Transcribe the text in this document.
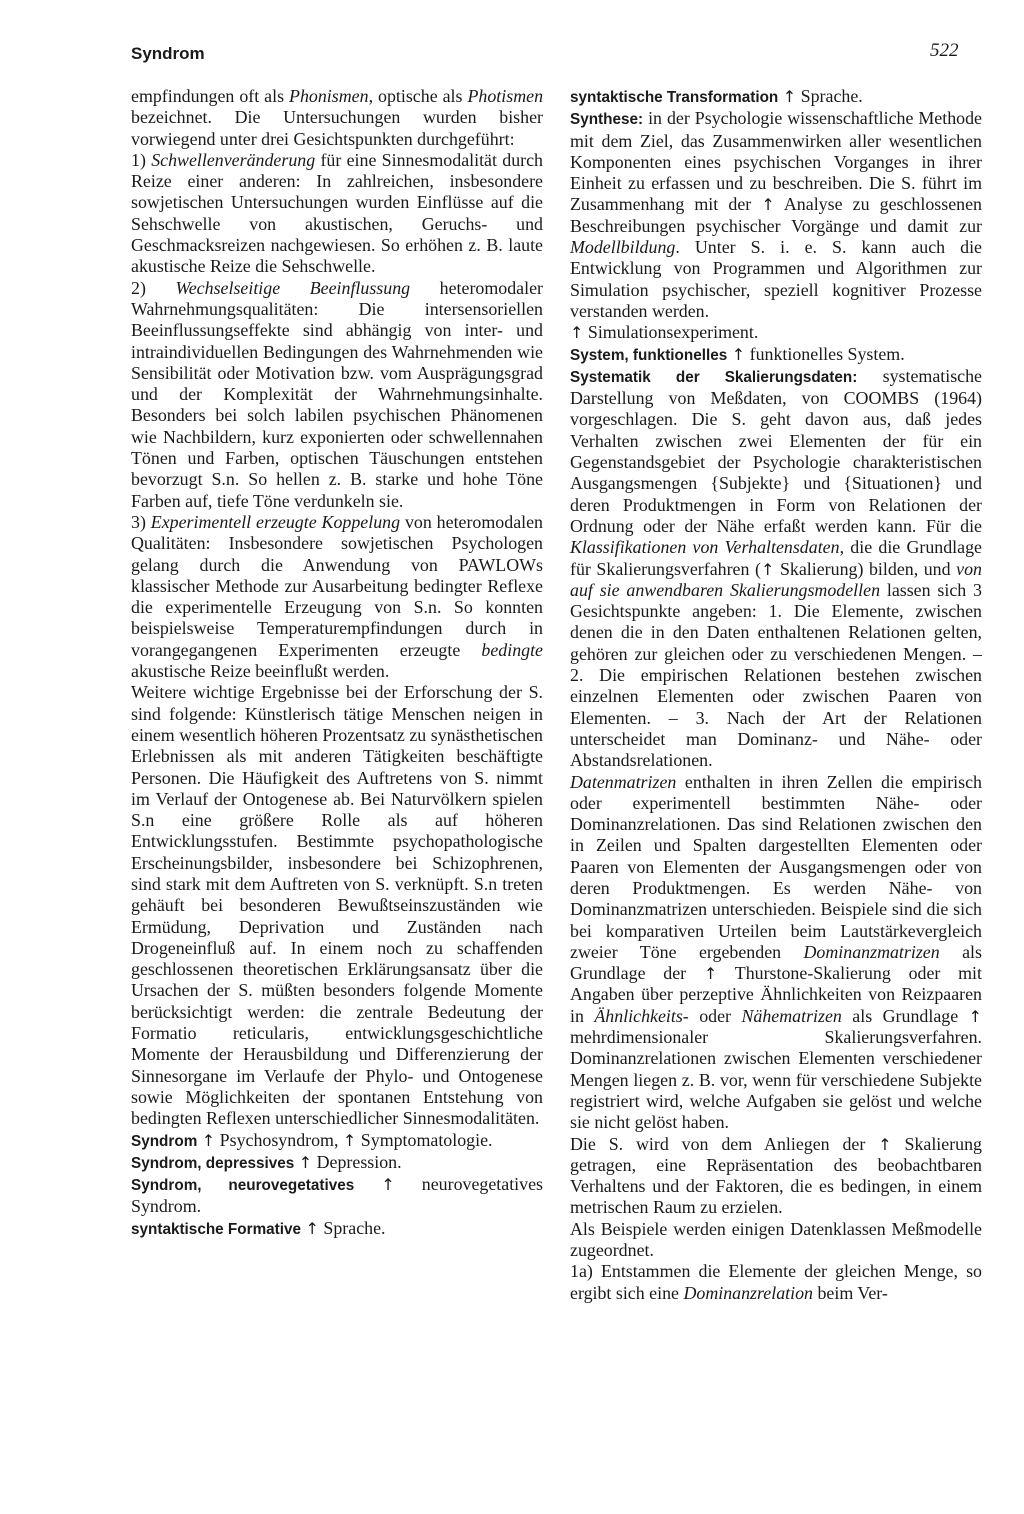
Syndrom	522

empfindungen oft als Phonismen, optische als Photismen bezeichnet. Die Untersuchungen wurden bisher vorwiegend unter drei Gesichtspunkten durchgeführt:

1) Schwellenveränderung für eine Sinnesmodalität durch Reize einer anderen: In zahlreichen, insbesondere sowjetischen Untersuchungen wurden Einflüsse auf die Sehschwelle von akustischen, Geruchs- und Geschmacksreizen nachgewiesen. So erhöhen z. B. laute akustische Reize die Sehschwelle.

2) Wechselseitige Beeinflussung heteromodaler Wahrnehmungsqualitäten: Die intersensoriellen Beeinflussungseffekte sind abhängig von inter- und intraindividuellen Bedingungen des Wahrnehmenden wie Sensibilität oder Motivation bzw. vom Ausprägungsgrad und der Komplexität der Wahrnehmungsinhalte. Besonders bei solch labilen psychischen Phänomenen wie Nachbildern, kurz exponierten oder schwellennahen Tönen und Farben, optischen Täuschungen entstehen bevorzugt S.n. So hellen z. B. starke und hohe Töne Farben auf, tiefe Töne verdunkeln sie.

3) Experimentell erzeugte Koppelung von heteromodalen Qualitäten: Insbesondere sowjetischen Psychologen gelang durch die Anwendung von PAWLOWs klassischer Methode zur Ausarbeitung bedingter Reflexe die experimentelle Erzeugung von S.n. So konnten beispielsweise Temperaturempfindungen durch in vorangegangenen Experimenten erzeugte bedingte akustische Reize beeinflußt werden.

Weitere wichtige Ergebnisse bei der Erforschung der S. sind folgende: Künstlerisch tätige Menschen neigen in einem wesentlich höheren Prozentsatz zu synästhetischen Erlebnissen als mit anderen Tätigkeiten beschäftigte Personen. Die Häufigkeit des Auftretens von S. nimmt im Verlauf der Ontogenese ab. Bei Naturvölkern spielen S.n eine größere Rolle als auf höheren Entwicklungsstufen. Bestimmte psychopathologische Erscheinungsbilder, insbesondere bei Schizophrenen, sind stark mit dem Auftreten von S. verknüpft. S.n treten gehäuft bei besonderen Bewußtseinszuständen wie Ermüdung, Deprivation und Zuständen nach Drogeneinfluß auf. In einem noch zu schaffenden geschlossenen theoretischen Erklärungsansatz über die Ursachen der S. müßten besonders folgende Momente berücksichtigt werden: die zentrale Bedeutung der Formatio reticularis, entwicklungsgeschichtliche Momente der Herausbildung und Differenzierung der Sinnesorgane im Verlaufe der Phylo- und Ontogenese sowie Möglichkeiten der spontanen Entstehung von bedingten Reflexen unterschiedlicher Sinnesmodalitäten.

Syndrom ↑ Psychosyndrom, ↑ Symptomatologie.

Syndrom, depressives ↑ Depression.

Syndrom, neurovegetatives ↑ neurovegetatives Syndrom.

syntaktische Formative ↑ Sprache.

syntaktische Transformation ↑ Sprache.

Synthese: in der Psychologie wissenschaftliche Methode mit dem Ziel, das Zusammenwirken aller wesentlichen Komponenten eines psychischen Vorganges in ihrer Einheit zu erfassen und zu beschreiben. Die S. führt im Zusammenhang mit der ↑ Analyse zu geschlossenen Beschreibungen psychischer Vorgänge und damit zur Modellbildung. Unter S. i. e. S. kann auch die Entwicklung von Programmen und Algorithmen zur Simulation psychischer, speziell kognitiver Prozesse verstanden werden.

↑ Simulationsexperiment.

System, funktionelles ↑ funktionelles System.

Systematik der Skalierungsdaten: systematische Darstellung von Meßdaten, von COOMBS (1964) vorgeschlagen. Die S. geht davon aus, daß jedes Verhalten zwischen zwei Elementen der für ein Gegenstandsgebiet der Psychologie charakteristischen Ausgangsmengen {Subjekte} und {Situationen} und deren Produktmengen in Form von Relationen der Ordnung oder der Nähe erfaßt werden kann. Für die Klassifikationen von Verhaltensdaten, die die Grundlage für Skalierungsverfahren (↑ Skalierung) bilden, und von auf sie anwendbaren Skalierungsmodellen lassen sich 3 Gesichtspunkte angeben: 1. Die Elemente, zwischen denen die in den Daten enthaltenen Relationen gelten, gehören zur gleichen oder zu verschiedenen Mengen. – 2. Die empirischen Relationen bestehen zwischen einzelnen Elementen oder zwischen Paaren von Elementen. – 3. Nach der Art der Relationen unterscheidet man Dominanz- und Nähe- oder Abstandsrelationen.

Datenmatrizen enthalten in ihren Zellen die empirisch oder experimentell bestimmten Nähe- oder Dominanzrelationen. Das sind Relationen zwischen den in Zeilen und Spalten dargestellten Elementen oder Paaren von Elementen der Ausgangsmengen oder von deren Produktmengen. Es werden Nähe- von Dominanzmatrizen unterschieden. Beispiele sind die sich bei komparativen Urteilen beim Lautstärkevergleich zweier Töne ergebenden Dominanzmatrizen als Grundlage der ↑ Thurstone-Skalierung oder mit Angaben über perzeptive Ähnlichkeiten von Reizpaaren in Ähnlichkeits- oder Nähematrizen als Grundlage ↑ mehrdimensionaler Skalierungsverfahren. Dominanzrelationen zwischen Elementen verschiedener Mengen liegen z. B. vor, wenn für verschiedene Subjekte registriert wird, welche Aufgaben sie gelöst und welche sie nicht gelöst haben.

Die S. wird von dem Anliegen der ↑ Skalierung getragen, eine Repräsentation des beobachtbaren Verhaltens und der Faktoren, die es bedingen, in einem metrischen Raum zu erzielen.

Als Beispiele werden einigen Datenklassen Meßmodelle zugeordnet.

1a) Entstammen die Elemente der gleichen Menge, so ergibt sich eine Dominanzrelation beim Ver-
